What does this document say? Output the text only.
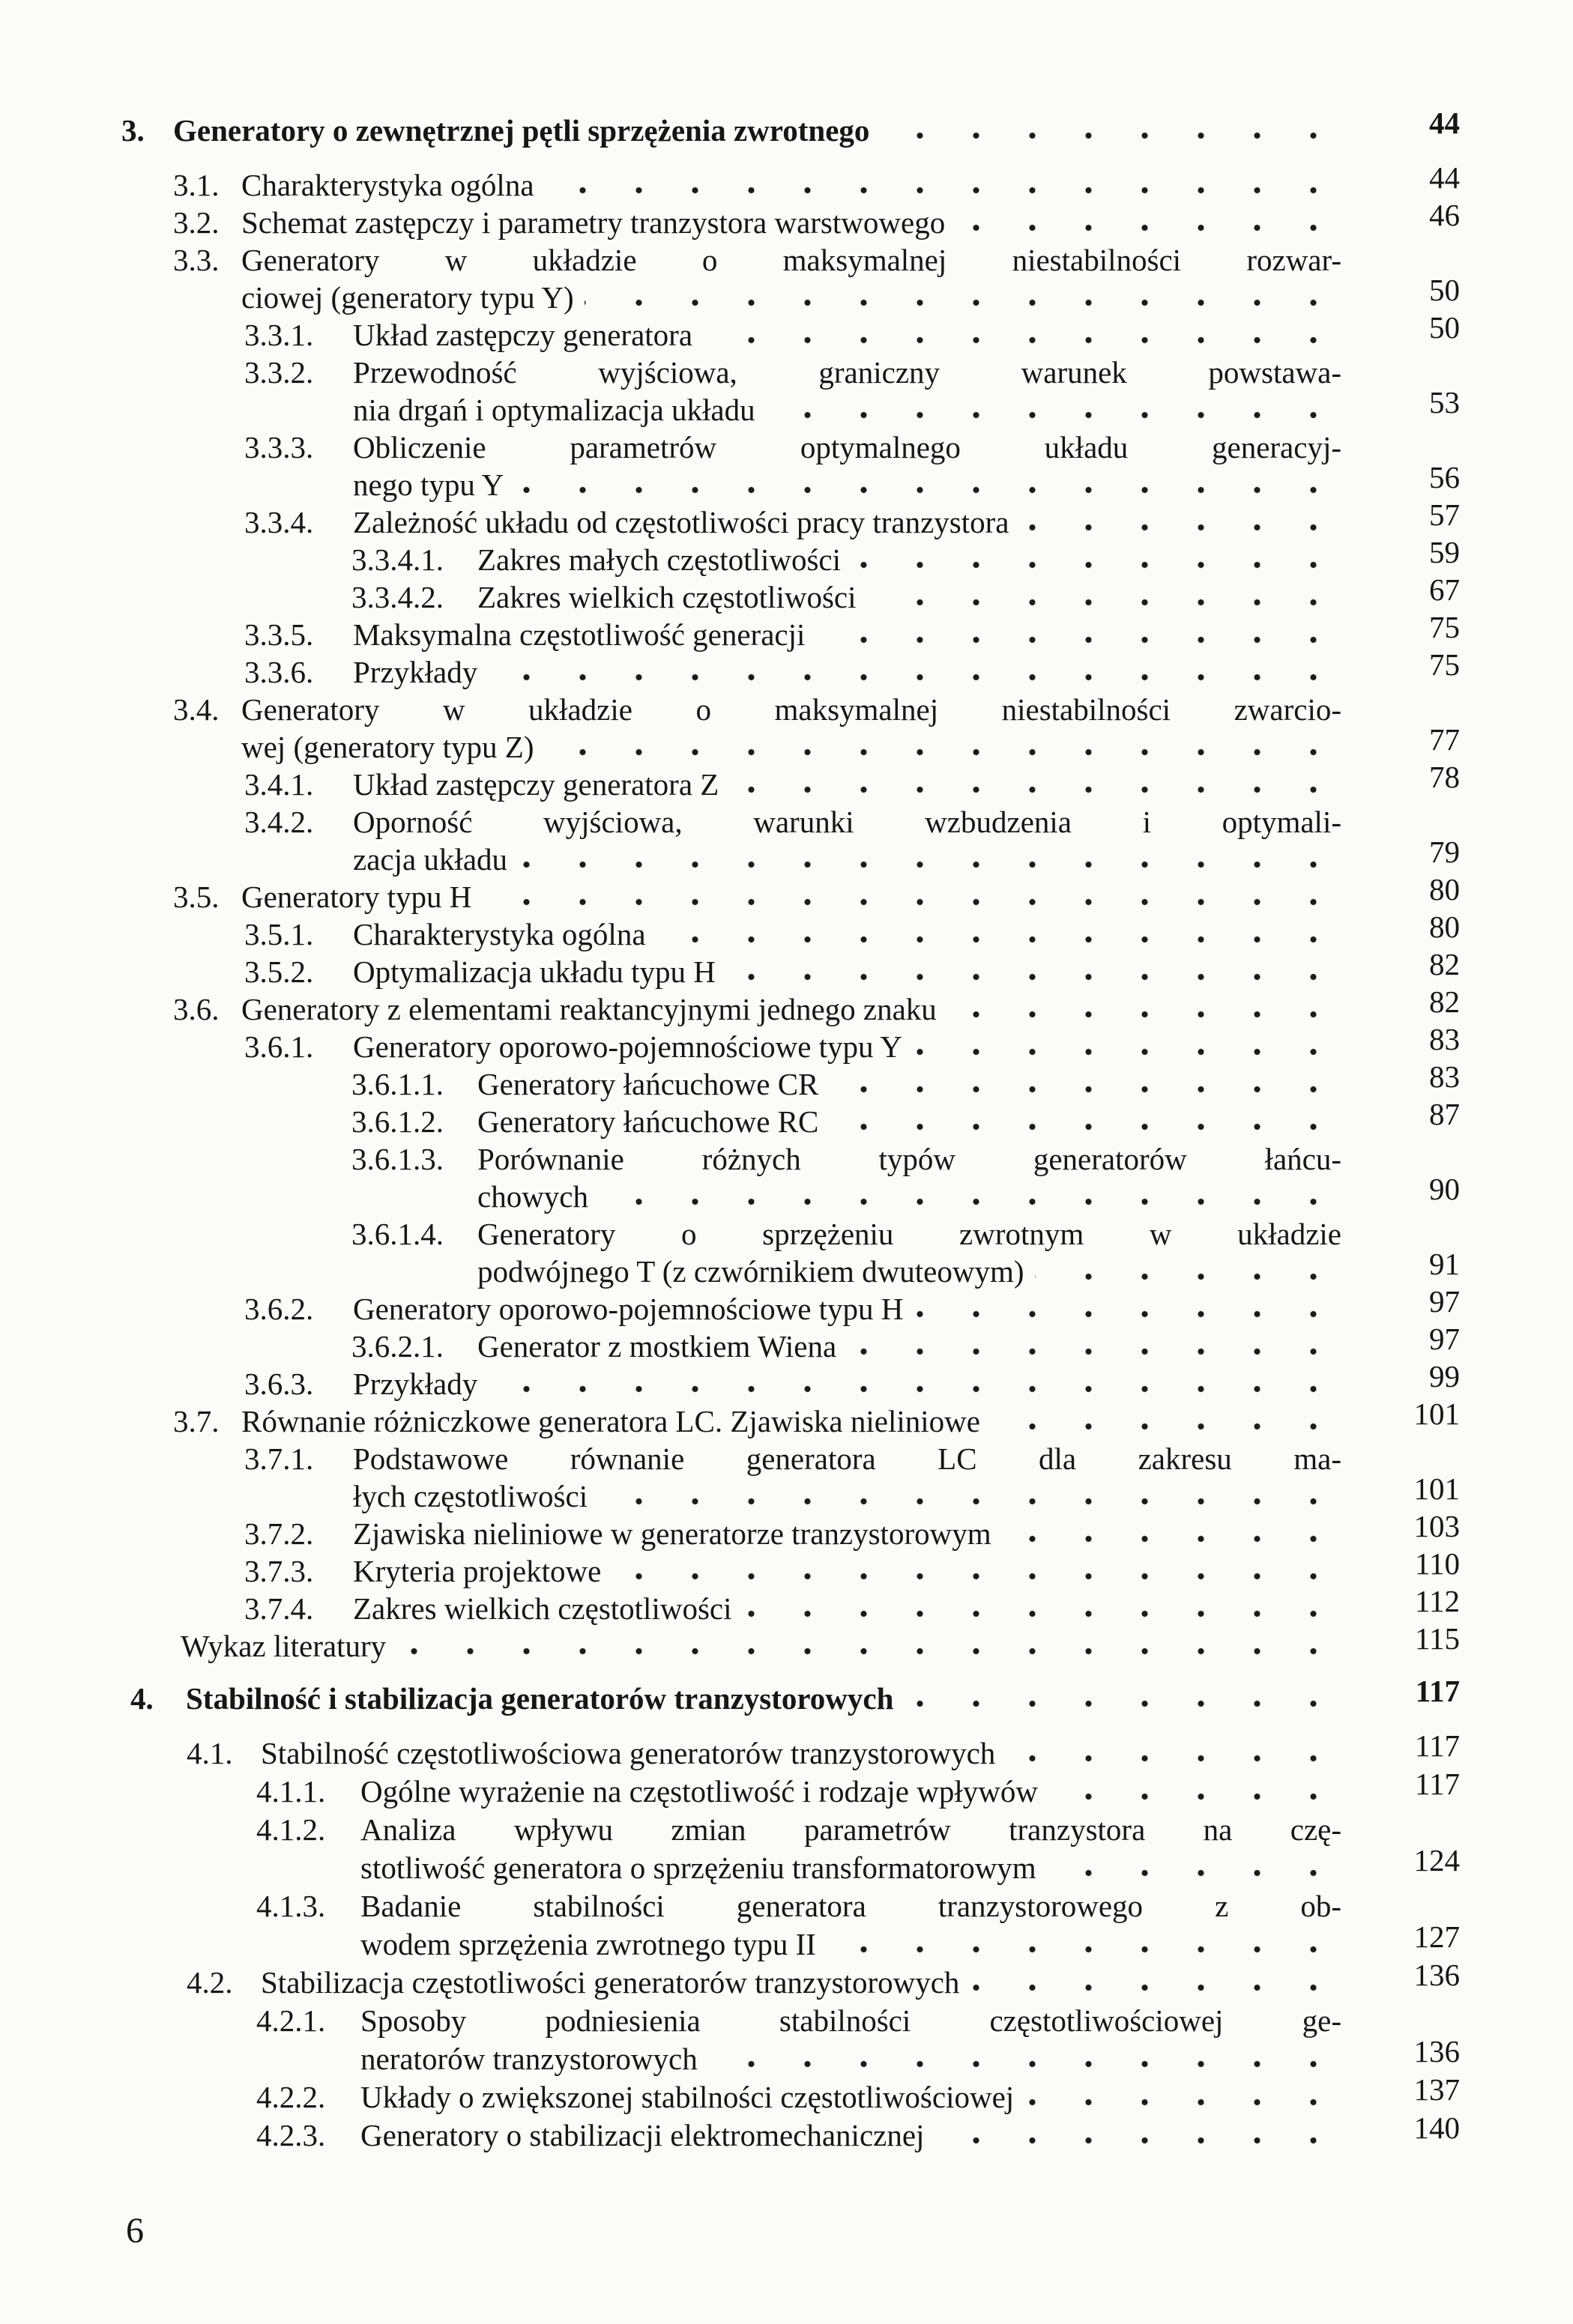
3. Generatory o zewnętrznej pętli sprzężenia zwrotnego	44
3.1. Charakterystyka ogólna	44
3.2. Schemat zastępczy i parametry tranzystora warstwowego	46
3.3. Generatory w układzie o maksymalnej niestabilności rozwar-
ciowej (generatory typu Y)	50
3.3.1. Układ zastępczy generatora	50
3.3.2. Przewodność wyjściowa, graniczny warunek powstawa-
nia drgań i optymalizacja układu	53
3.3.3. Obliczenie parametrów optymalnego układu generacyj-
nego typu Y	56
3.3.4. Zależność układu od częstotliwości pracy tranzystora	57
3.3.4.1. Zakres małych częstotliwości	59
3.3.4.2. Zakres wielkich częstotliwości	67
3.3.5. Maksymalna częstotliwość generacji	75
3.3.6. Przykłady	75
3.4. Generatory w układzie o maksymalnej niestabilności zwarcio-
wej (generatory typu Z)	77
3.4.1. Układ zastępczy generatora Z	78
3.4.2. Oporność wyjściowa, warunki wzbudzenia i optymali-
zacja układu	79
3.5. Generatory typu H	80
3.5.1. Charakterystyka ogólna	80
3.5.2. Optymalizacja układu typu H	82
3.6. Generatory z elementami reaktancyjnymi jednego znaku	82
3.6.1. Generatory oporowo-pojemnościowe typu Y	83
3.6.1.1. Generatory łańcuchowe CR	83
3.6.1.2. Generatory łańcuchowe RC	87
3.6.1.3. Porównanie różnych typów generatorów łańcu-
chowych	90
3.6.1.4. Generatory o sprzężeniu zwrotnym w układzie
podwójnego T (z czwórnikiem dwuteowym)	91
3.6.2. Generatory oporowo-pojemnościowe typu H	97
3.6.2.1. Generator z mostkiem Wiena	97
3.6.3. Przykłady	99
3.7. Równanie różniczkowe generatora LC. Zjawiska nieliniowe	101
3.7.1. Podstawowe równanie generatora LC dla zakresu ma-
łych częstotliwości	101
3.7.2. Zjawiska nieliniowe w generatorze tranzystorowym	103
3.7.3. Kryteria projektowe	110
3.7.4. Zakres wielkich częstotliwości	112
Wykaz literatury	115
4. Stabilność i stabilizacja generatorów tranzystorowych	117
4.1. Stabilność częstotliwościowa generatorów tranzystorowych	117
4.1.1. Ogólne wyrażenie na częstotliwość i rodzaje wpływów	117
4.1.2. Analiza wpływu zmian parametrów tranzystora na czę-
stotliwość generatora o sprzężeniu transformatorowym	124
4.1.3. Badanie stabilności generatora tranzystorowego z ob-
wodem sprzężenia zwrotnego typu II	127
4.2. Stabilizacja częstotliwości generatorów tranzystorowych	136
4.2.1. Sposoby podniesienia stabilności częstotliwościowej ge-
neratorów tranzystorowych	136
4.2.2. Układy o zwiększonej stabilności częstotliwościowej	137
4.2.3. Generatory o stabilizacji elektromechanicznej	140
6
